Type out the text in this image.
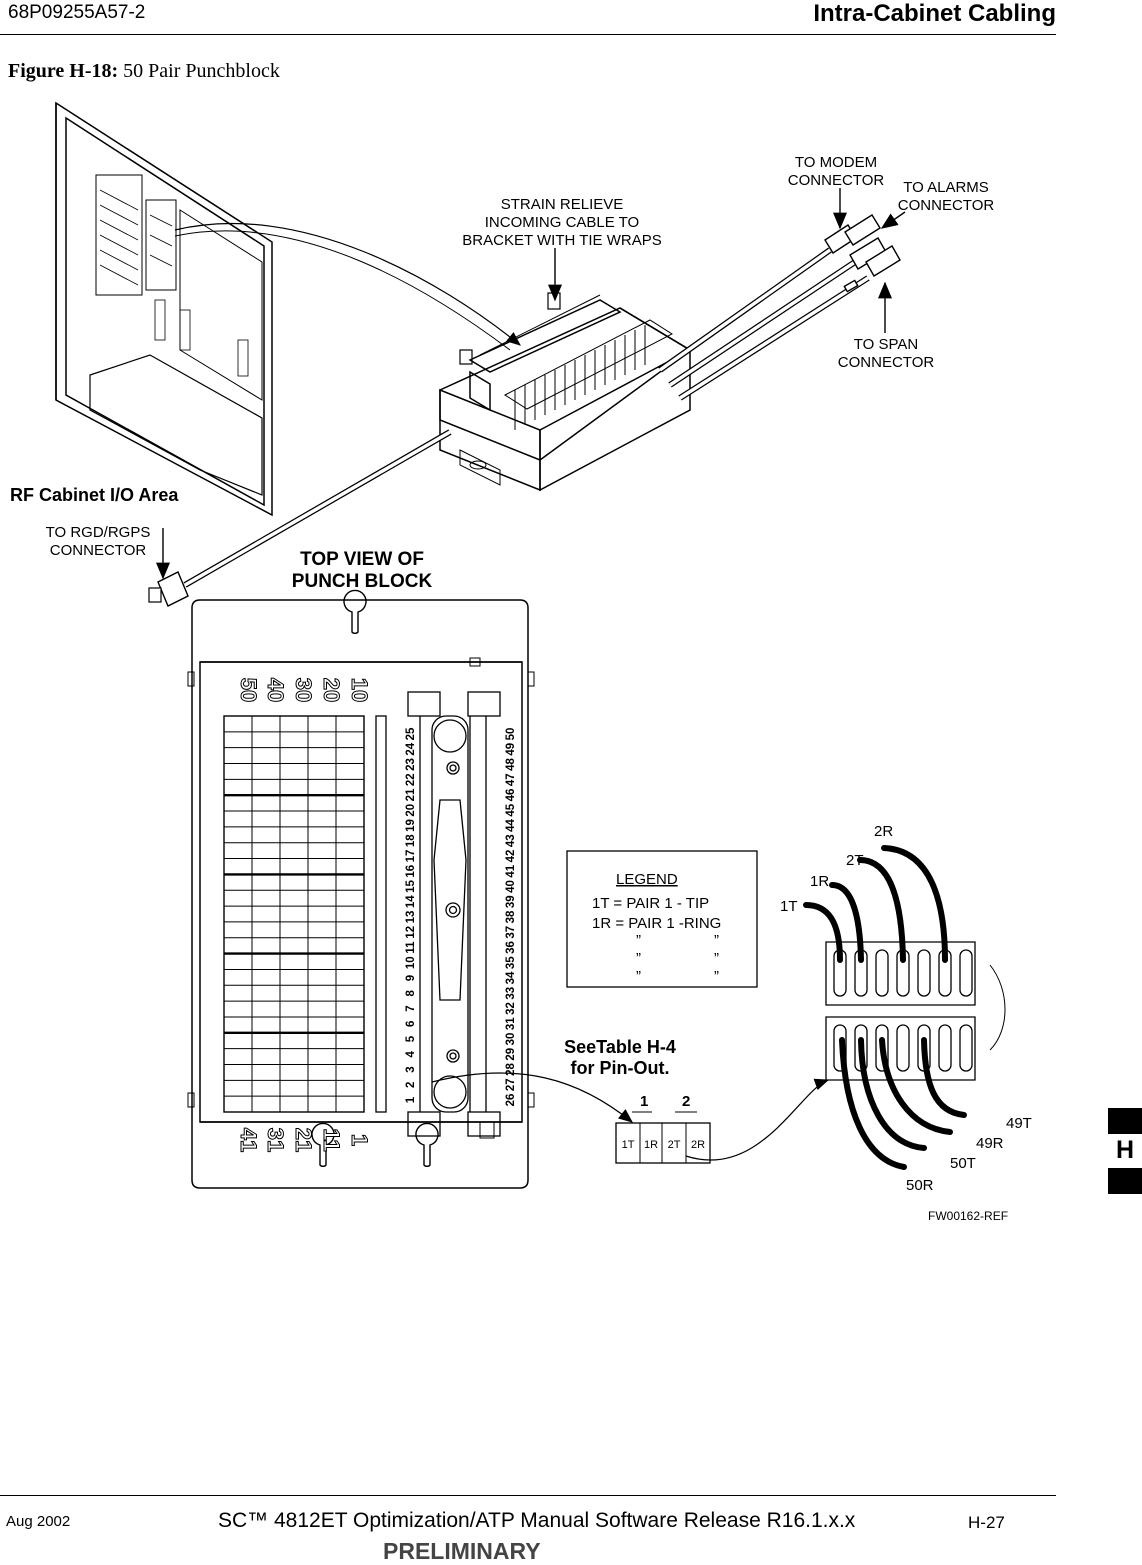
68P09255A57-2	Intra-Cabinet Cabling
Figure H-18: 50 Pair Punchblock
STRAIN RELIEVE INCOMING CABLE TO BRACKET WITH TIE WRAPS
TO MODEM CONNECTOR	TO ALARMS CONNECTOR
TO SPAN CONNECTOR
TO RGD/RGPS CONNECTOR
RF Cabinet I/O Area
TOP VIEW OF PUNCH BLOCK
50 40 30 20 10
41 31 21 11 1
1
2
3
4
5
6
7
8
9
10
11
12
13
14
15
16
17
18
19
20
21
22
23
24
25
26
27
28
29
30
31
32
33
34
35
36
37
38
39
40
41
42
43
44
45
46
47
48
49
50
LEGEND
1T = PAIR 1 - TIP
1R = PAIR 1 -RING
”	”
”	”
”	”
SeeTable H-4 for Pin-Out.
1 2
1T 1R 2T 2R
2R
2T
1R
1T
49T
49R
50T
50R
FW00162-REF
H
Aug 2002	SC™ 4812ET Optimization/ATP Manual Software Release R16.1.x.x	H-27
PRELIMINARY
